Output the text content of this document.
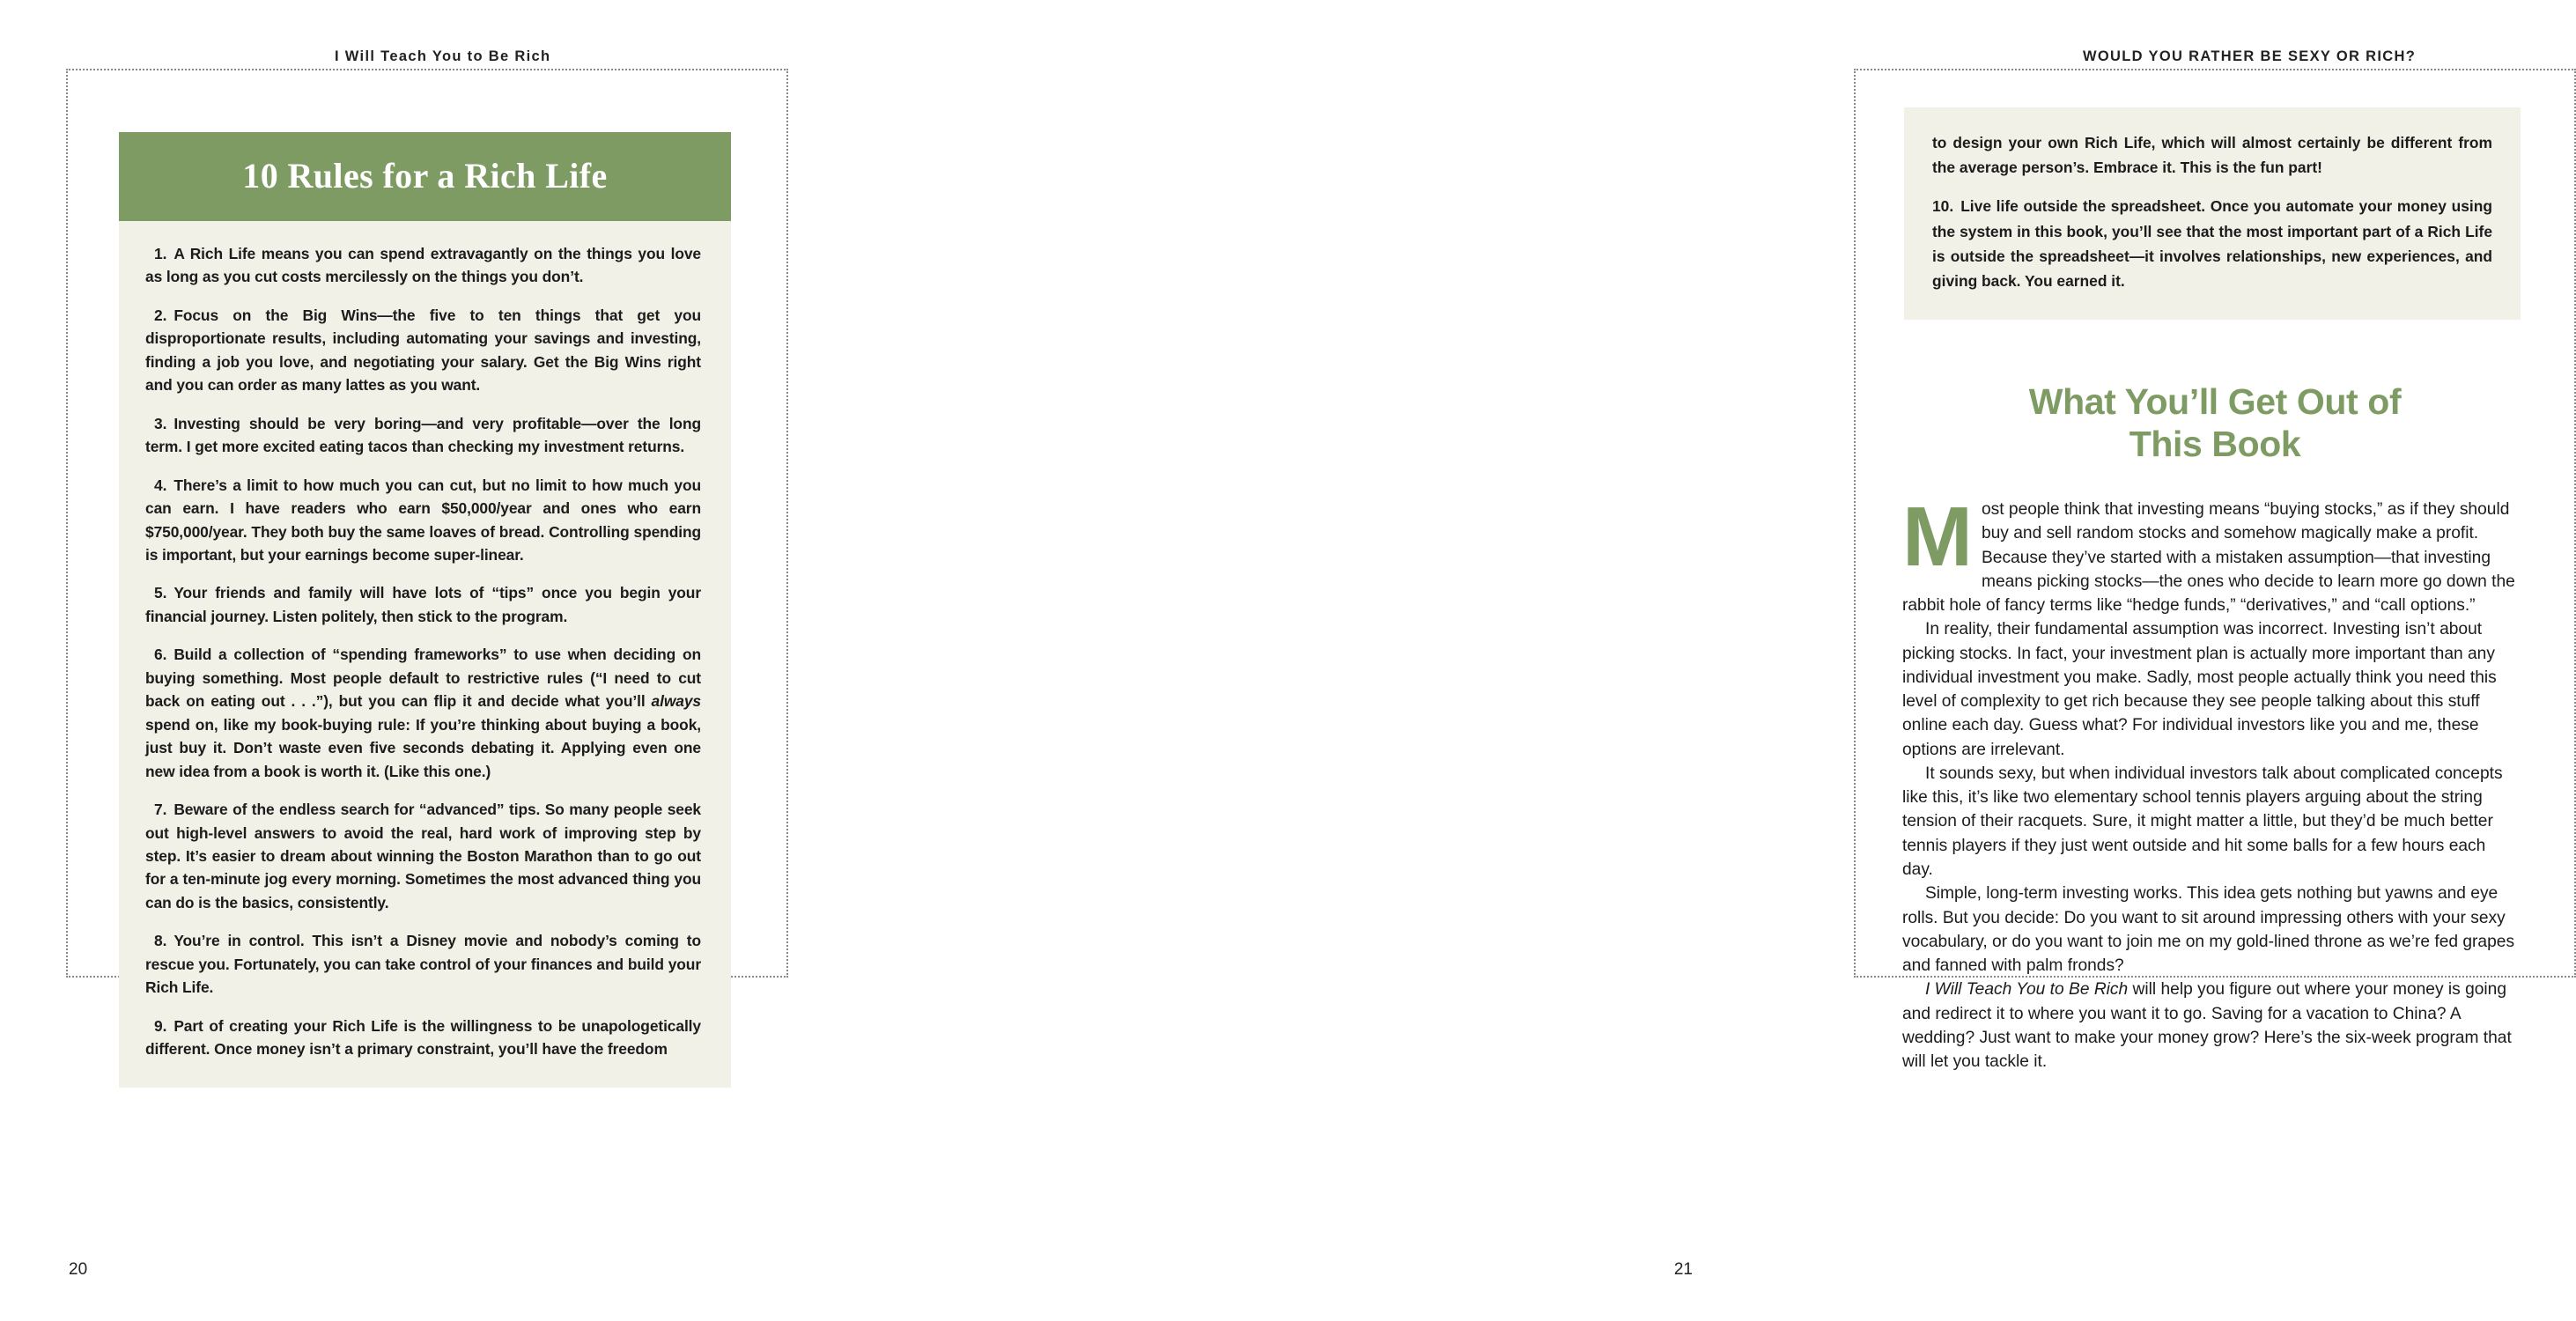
I Will Teach You to Be Rich
10 Rules for a Rich Life

1. A Rich Life means you can spend extravagantly on the things you love as long as you cut costs mercilessly on the things you don’t.

2. Focus on the Big Wins—the five to ten things that get you disproportionate results, including automating your savings and investing, finding a job you love, and negotiating your salary. Get the Big Wins right and you can order as many lattes as you want.

3. Investing should be very boring—and very profitable—over the long term. I get more excited eating tacos than checking my investment returns.

4. There’s a limit to how much you can cut, but no limit to how much you can earn. I have readers who earn $50,000/year and ones who earn $750,000/year. They both buy the same loaves of bread. Controlling spending is important, but your earnings become super-linear.

5. Your friends and family will have lots of “tips” once you begin your financial journey. Listen politely, then stick to the program.

6. Build a collection of “spending frameworks” to use when deciding on buying something. Most people default to restrictive rules (“I need to cut back on eating out . . .”), but you can flip it and decide what you’ll always spend on, like my book-buying rule: If you’re thinking about buying a book, just buy it. Don’t waste even five seconds debating it. Applying even one new idea from a book is worth it. (Like this one.)

7. Beware of the endless search for “advanced” tips. So many people seek out high-level answers to avoid the real, hard work of improving step by step. It’s easier to dream about winning the Boston Marathon than to go out for a ten-minute jog every morning. Sometimes the most advanced thing you can do is the basics, consistently.

8. You’re in control. This isn’t a Disney movie and nobody’s coming to rescue you. Fortunately, you can take control of your finances and build your Rich Life.

9. Part of creating your Rich Life is the willingness to be unapologetically different. Once money isn’t a primary constraint, you’ll have the freedom

20
WOULD YOU RATHER BE SEXY OR RICH?

to design your own Rich Life, which will almost certainly be different from the average person’s. Embrace it. This is the fun part!

10. Live life outside the spreadsheet. Once you automate your money using the system in this book, you’ll see that the most important part of a Rich Life is outside the spreadsheet—it involves relationships, new experiences, and giving back. You earned it.

What You’ll Get Out of
This Book

Most people think that investing means “buying stocks,” as if they should buy and sell random stocks and somehow magically make a profit. Because they’ve started with a mistaken assumption—that investing means picking stocks—the ones who decide to learn more go down the rabbit hole of fancy terms like “hedge funds,” “derivatives,” and “call options.”

In reality, their fundamental assumption was incorrect. Investing isn’t about picking stocks. In fact, your investment plan is actually more important than any individual investment you make. Sadly, most people actually think you need this level of complexity to get rich because they see people talking about this stuff online each day. Guess what? For individual investors like you and me, these options are irrelevant.

It sounds sexy, but when individual investors talk about complicated concepts like this, it’s like two elementary school tennis players arguing about the string tension of their racquets. Sure, it might matter a little, but they’d be much better tennis players if they just went outside and hit some balls for a few hours each day.

Simple, long-term investing works. This idea gets nothing but yawns and eye rolls. But you decide: Do you want to sit around impressing others with your sexy vocabulary, or do you want to join me on my gold-lined throne as we’re fed grapes and fanned with palm fronds?

I Will Teach You to Be Rich will help you figure out where your money is going and redirect it to where you want it to go. Saving for a vacation to China? A wedding? Just want to make your money grow? Here’s the six-week program that will let you tackle it.

21
